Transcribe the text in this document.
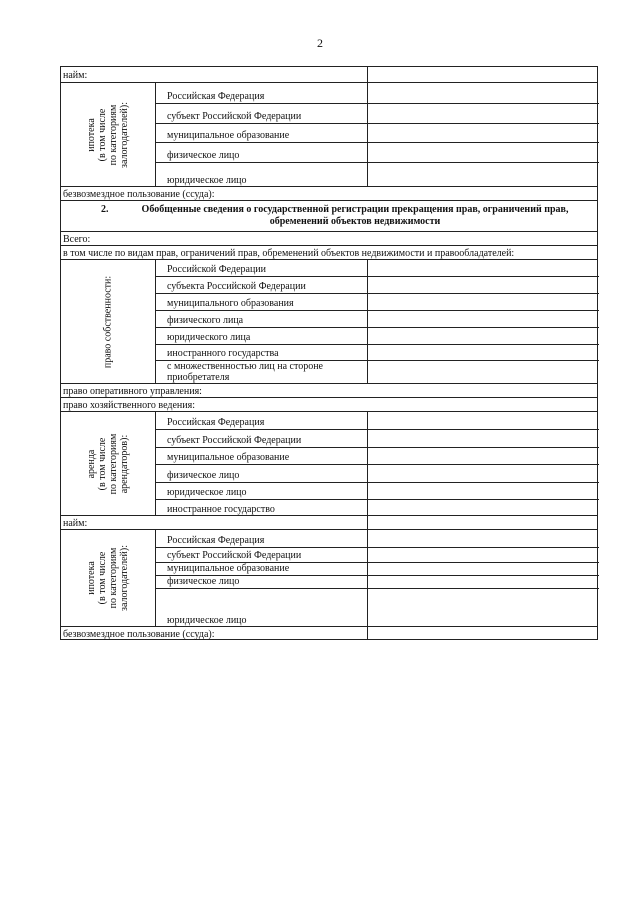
2
найм:
ипотека
(в том числе
по категориям
залогодателей):
Российская Федерация
субъект Российской Федерации
муниципальное образование
физическое лицо
юридическое лицо
безвозмездное пользование (ссуда):
2.	Обобщенные сведения о государственной регистрации прекращения прав, ограничений прав, обременений объектов недвижимости
Всего:
в том числе по видам прав, ограничений прав, обременений объектов недвижимости и правообладателей:
право собственности:
Российской Федерации
субъекта Российской Федерации
муниципального образования
физического лица
юридического лица
иностранного государства
с множественностью лиц на стороне приобретателя
право оперативного управления:
право хозяйственного ведения:
аренда
(в том числе
по категориям
арендаторов):
Российская Федерация
субъект Российской Федерации
муниципальное образование
физическое лицо
юридическое лицо
иностранное государство
найм:
ипотека
(в том числе
по категориям
залогодателей):
Российская Федерация
субъект Российской Федерации
муниципальное образование
физическое лицо
юридическое лицо
безвозмездное пользование (ссуда):
